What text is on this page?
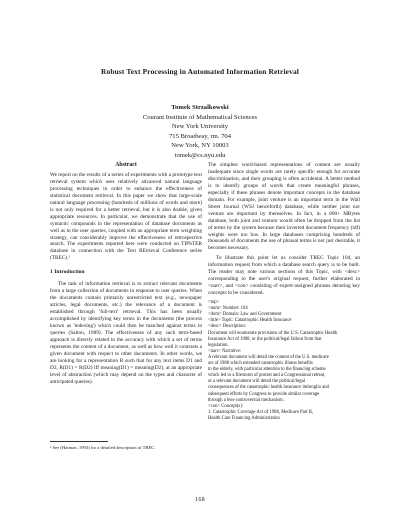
Robust Text Processing in Automated Information Retrieval
Tomek Strzalkowski
Courant Institute of Mathematical Sciences
New York University
715 Broadway, rm. 704
New York, NY 10003
tomek@cs.nyu.edu
Abstract

We report on the results of a series of experiments with a prototype text retrieval system which uses relatively advanced natural language processing techniques in order to enhance the effectiveness of statistical document retrieval. In this paper we show that large-scale natural language processing (hundreds of millions of words and more) is not only required for a better retrieval, but it is also doable, given appropriate resources. In particular, we demonstrate that the use of syntactic compounds in the representation of database documents as well as in the user queries, coupled with an appropriate term weighting strategy, can considerably improve the effectiveness of retrospective search. The experiments reported here were conducted on TIPSTER database in connection with the Text REtrieval Conference series (TREC).¹

1 Introduction

The task of information retrieval is to extract relevant documents from a large collection of documents in response to user queries. When the documents contain primarily unrestricted text (e.g., newspaper articles, legal documents, etc.) the relevance of a document is established through 'full-text' retrieval. This has been usually accomplished by identifying key terms in the documents (the process known as 'indexing') which could then be matched against terms in queries (Salton, 1989). The effectiveness of any such term-based approach is directly related to the accuracy with which a set of terms represents the content of a document, as well as how well it contrasts a given document with respect to other documents. In other words, we are looking for a representation R such that for any text items D1 and D2, R(D1) = R(D2) iff meaning(D1) = meaning(D2), at an appropriate level of abstraction (which may depend on the types and character of anticipated queries).

¹ See (Harman, 1993) for a detailed description of TREC.

The simplest word-based representations of content are usually inadequate since single words are rarely specific enough for accurate discrimination, and their grouping is often accidental. A better method is to identify groups of words that create meaningful phrases, especially if these phrases denote important concepts in the database domain. For example, joint venture is an important term in the Wall Street Journal (WSJ henceforth) database, while neither joint nor venture are important by themselves. In fact, in a 800+ MBytes database, both joint and venture would often be dropped from the list of terms by the system because their inverted document frequency (idf) weights were too low. In large databases comprising hundreds of thousands of documents the use of phrasal terms is not just desirable, it becomes necessary.

To illustrate this point let us consider TREC Topic 104, an information request from which a database search query is to be built. The reader may note various sections of this Topic, with <desc> corresponding to the user's original request, further elaborated in <narr>, and <con> consisting of expert-assigned phrases denoting key concepts to be considered.

<top>
<num> Number: 104
<dom> Domain: Law and Government
<title> Topic: Catastrophic Health Insurance
<desc> Description:
Document will enumerate provisions of the U.S. Catastrophic Health
Insurance Act of 1988, or the political/legal fallout from that
legislation.
<narr> Narrative:
A relevant document will detail the content of the U.S. medicare
act of 1988 which extended catastrophic illness benefits
to the elderly, with particular attention to the financing scheme
which led to a firestorm of protest and a Congressional retreat,
or a relevant document will detail the political/legal
consequences of the catastrophic health insurance imbroglio and
subsequent efforts by Congress to provide similar coverage
through a less-controversial mechanism.
<con> Concept(s):
1. Catastrophic Coverage Act of 1988, Medicare Part B,
Health Care Financing Administration
168
